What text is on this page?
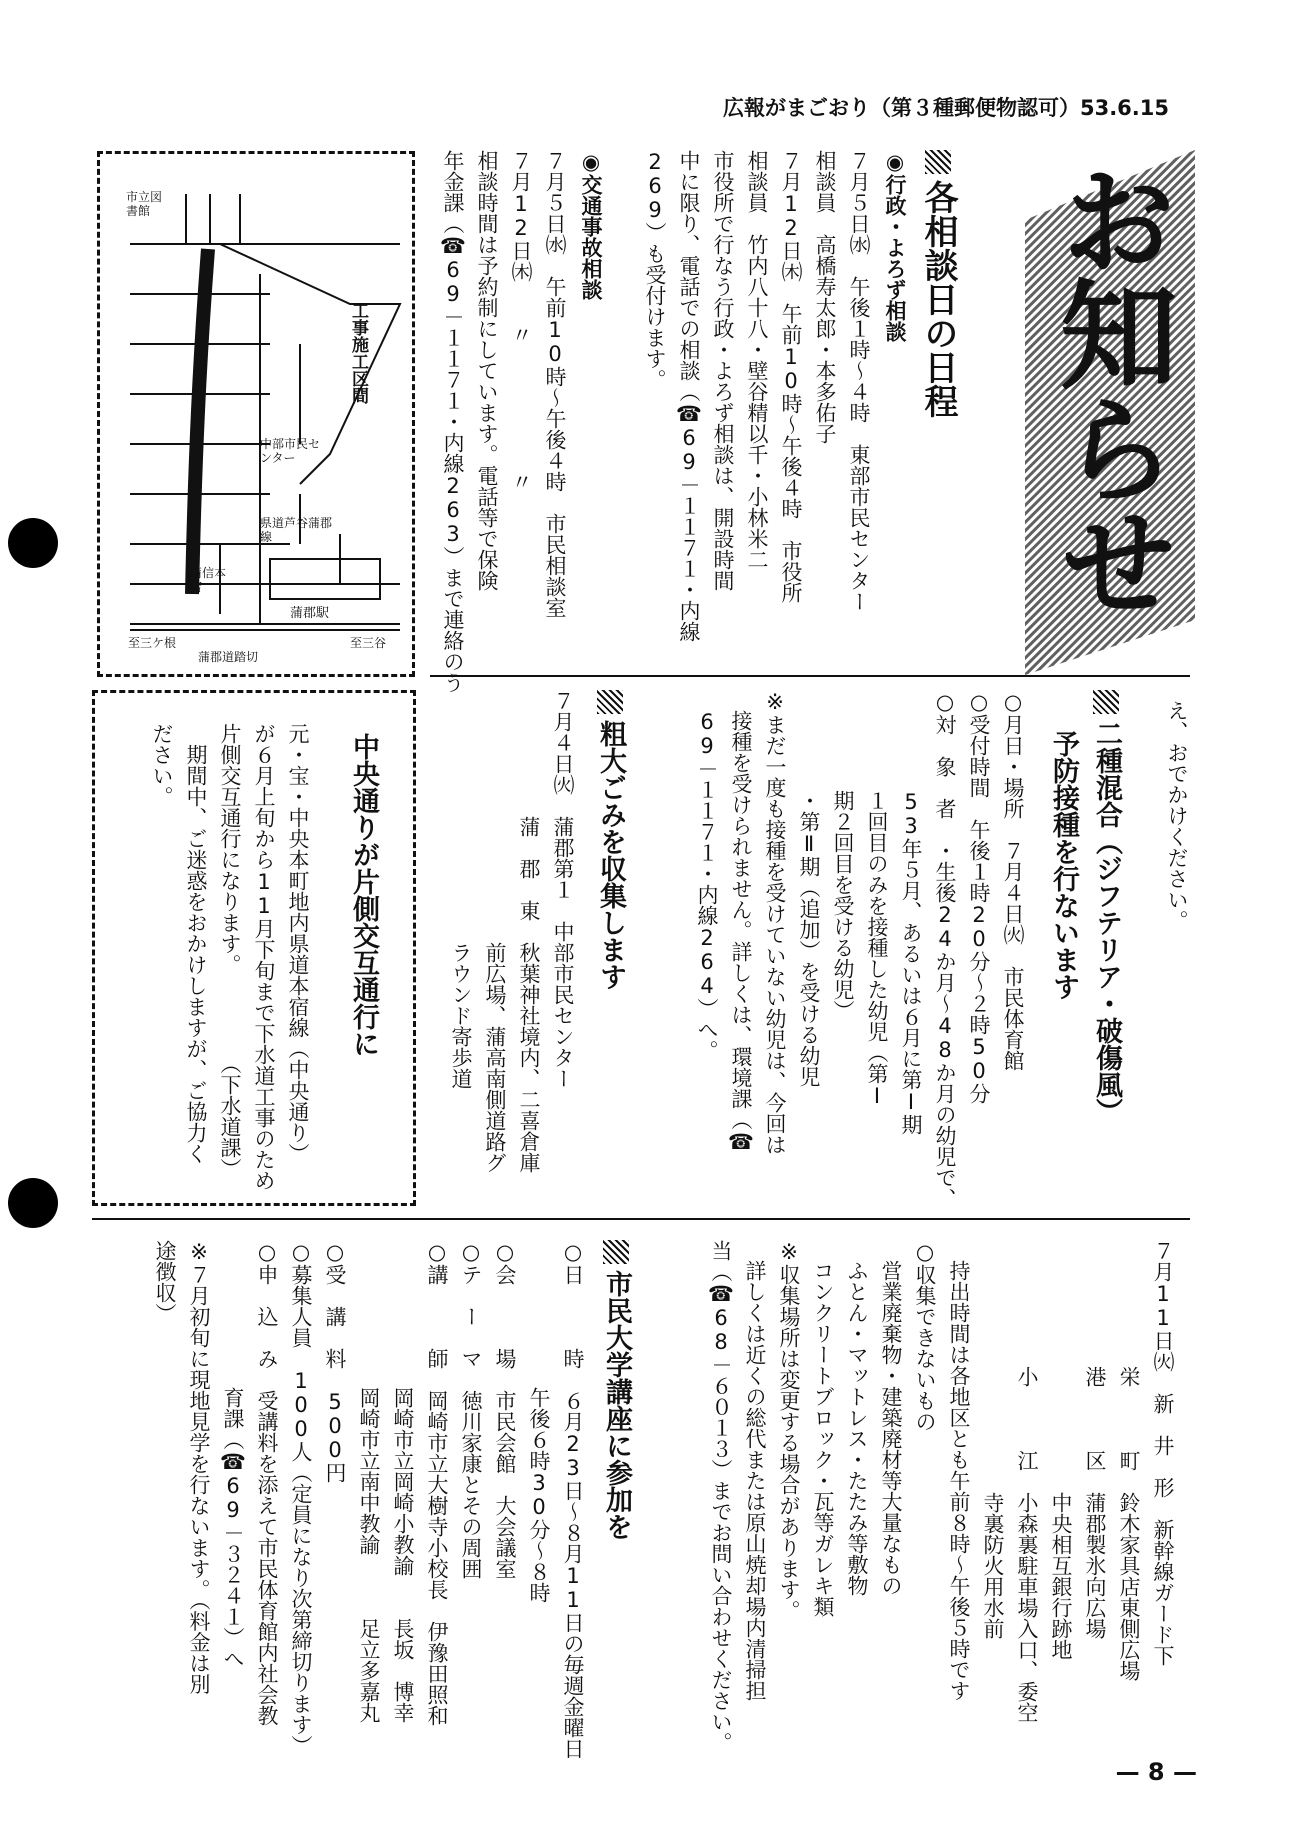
広報がまごおり（第３種郵便物認可）53.6.15
— 8 —
お知らせ
各相談日の日程
◉行政・よろず相談
７月５日㈬　午後１時～４時　東部市民センター
相談員　高橋寿太郎・本多佑子
７月12日㈭　午前10時～午後４時　市役所
相談員　竹内八十八・壁谷精以千・小林米二
市役所で行なう行政・よろず相談は、開設時間
中に限り、電話での相談（☎69－１１７１・内線
269）も受付けます。
◉交通事故相談
７月５日㈬　午前10時～午後４時　市民相談室
７月12日㈭　　〃　　　　　　〃
相談時間は予約制にしています。電話等で保険
年金課（☎69－１１７１・内線263）まで連絡のう
市立図書館
工事施工区間
中部市民センター
県道芦谷蒲郡線
蒲信本店
蒲郡駅
至三ケ根	至三谷
蒲郡道踏切
中央通りが片側交互通行に
元・宝・中央本町地内県道本宿線（中央通り）
が６月上旬から11月下旬まで下水道工事のため
片側交互通行になります。
　期間中、ご迷惑をおかけしますが、ご協力く
ださい。
（下水道課）
え、おでかけください。
二種混合（ジフテリア・破傷風）
予防接種を行ないます
○月日・場所　７月４日㈫　市民体育館
○受付時間　午後１時20分～２時50分
○対　象　者　・生後24か月～48か月の幼児で、
53年５月、あるいは６月に第Ⅰ期
１回目のみを接種した幼児（第Ⅰ
期２回目を受ける幼児）
・第Ⅱ期（追加）を受ける幼児
※まだ一度も接種を受けていない幼児は、今回は
接種を受けられません。詳しくは、環境課（☎
69－１１７１・内線264）へ。
粗大ごみを収集します
７月４日㈫　蒲郡第１　中部市民センター
　　　　　　蒲　郡　東　秋葉神社境内、二喜倉庫
　　　　　　　　　　　　前広場、蒲高南側道路グ
　　　　　　　　　　　　ラウンド寄歩道
７月11日㈫　新　井　形　新幹線ガード下
　　　　　　栄　　　町　鈴木家具店東側広場
　　　　　　港　　　区　蒲郡製氷向広場
　　　　　　　　　　　　中央相互銀行跡地
　　　　　　小　　　江　小森裏駐車場入口、委空
　　　　　　　　　　　　寺裏防火用水前
持出時間は各地区とも午前８時～午後５時です
○収集できないもの
営業廃棄物・建築廃材等大量なもの
ふとん・マットレス・たたみ等敷物
コンクリートブロック・瓦等ガレキ類
※収集場所は変更する場合があります。
詳しくは近くの総代または原山焼却場内清掃担
当（☎68－６０１３）までお問い合わせください。
市民大学講座に参加を
○日　　　時　６月23日～８月11日の毎週金曜日
　　　　　　　午後６時30分～８時
○会　　　場　市民会館　大会議室
○テ　ー　マ　徳川家康とその周囲
○講　　　師　岡崎市立大樹寺小校長　伊豫田照和
　　　　　　　岡崎市立岡崎小教諭　　長坂　博幸
　　　　　　　岡崎市立南中教諭　　　足立多嘉丸
○受　講　料　500円
○募集人員　100人（定員になり次第締切ります）
○申　込　み　受講料を添えて市民体育館内社会教
　　　　　　　育課（☎69－３２４１）へ
※７月初旬に現地見学を行ないます。（料金は別
途徴収）
